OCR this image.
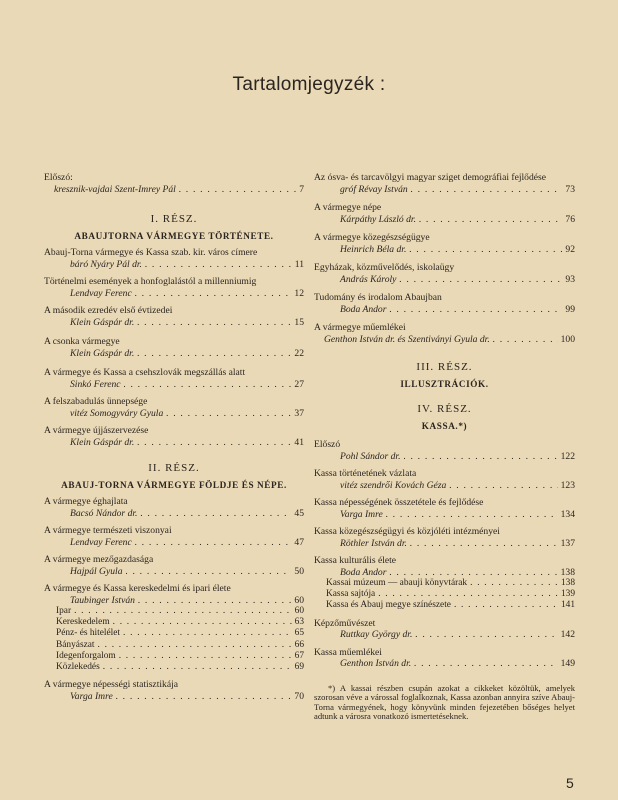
Tartalomjegyzék :
Előszó:
kresznik-vajdai Szent-Imrey Pál . . .	7
I. RÉSZ.
ABAUJTORNA VÁRMEGYE TÖRTÉNETE.
Abauj-Torna vármegye és Kassa szab. kir. város címere
báró Nyáry Pál dr. . . .	11
Történelmi események a honfoglalástól a millenniumig
Lendvay Ferenc . . .	12
A második ezredév első évtizedei
Klein Gáspár dr. . . .	15
A csonka vármegye
Klein Gáspár dr. . . .	22
A vármegye és Kassa a csehszlovák megszállás alatt
Sinkó Ferenc . . .	27
A felszabadulás ünnepsége
vitéz Somogyváry Gyula . . .	37
A vármegye újjászervezése
Klein Gáspár dr. . . .	41
II. RÉSZ.
ABAUJ-TORNA VÁRMEGYE FÖLDJE ÉS NÉPE.
A vármegye éghajlata
Bacsó Nándor dr. . . .	45
A vármegye természeti viszonyai
Lendvay Ferenc . . .	47
A vármegye mezőgazdasága
Hajpál Gyula . . .	50
A vármegye és Kassa kereskedelmi és ipari élete
Taubinger István . . .	60
Ipar . . .	60
Kereskedelem . . .	63
Pénz- és hitelélet . . .	65
Bányászat . . .	66
Idegenforgalom . . .	67
Közlekedés . . .	69
A vármegye népességi statisztikája
Varga Imre . . .	70
Az ósva- és tarcavölgyi magyar sziget demográfiai fejlődése
gróf Révay István . . .	73
A vármegye népe
Kárpáthy László dr. . . .	76
A vármegye közegészségügye
Heinrich Béla dr. . . .	92
Egyházak, közművelődés, iskolaügy
András Károly . . .	93
Tudomány és irodalom Abaujban
Boda Andor . . .	99
A vármegye műemlékei
Genthon István dr. és Szentiványi Gyula dr. . . .	100
III. RÉSZ.
ILLUSZTRÁCIÓK.
IV. RÉSZ.
KASSA.*)
Előszó
Pohl Sándor dr. . . .	122
Kassa történetének vázlata
vitéz szendrői Kovách Géza . . .	123
Kassa népességének összetétele és fejlődése
Varga Imre . . .	134
Kassa közegészségügyi és közjóléti intézményei
Röthler István dr. . . .	137
Kassa kulturális élete
Boda Andor . . .	138
Kassai múzeum — abauji könyvtárak . . .	138
Kassa sajtója . . .	139
Kassa és Abauj megye színészete . . .	141
Képzőművészet
Ruttkay György dr. . . .	142
Kassa műemlékei
Genthon István dr. . . .	149
*) A kassai részben csupán azokat a cikkeket közöltük, amelyek szorosan véve a várossal foglalkoznak, Kassa azonban annyira szíve Abauj-Torna vármegyének, hogy könyvünk minden fejezetében bőséges helyet adtunk a városra vonatkozó ismertetéseknek.
5
